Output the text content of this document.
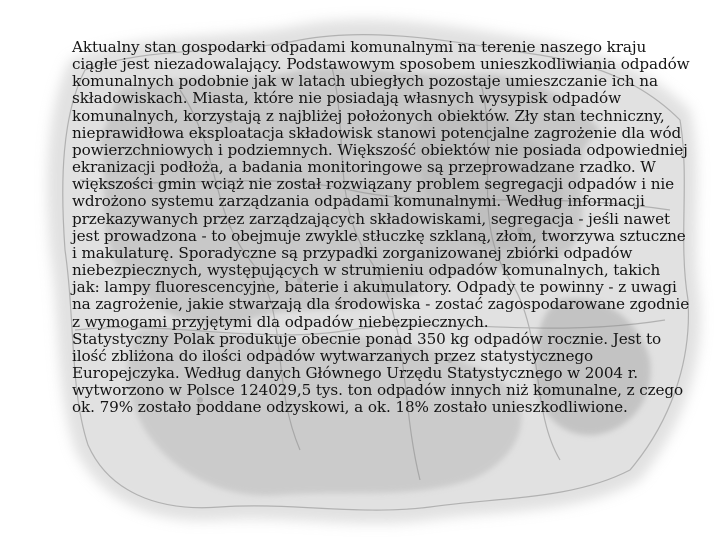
Aktualny stan gospodarki odpadami komunalnymi na terenie naszego kraju ciągle jest niezadowalający. Podstawowym sposobem unieszkodliwiania odpadów komunalnych podobnie jak w latach ubiegłych pozostaje umieszczanie ich na składowiskach. Miasta, które nie posiadają własnych wysypisk odpadów komunalnych, korzystają z najbliżej położonych obiektów. Zły stan techniczny, nieprawidłowa eksploatacja składowisk stanowi potencjalne zagrożenie dla wód powierzchniowych i podziemnych. Większość obiektów nie posiada odpowiedniej ekranizacji podłoża, a badania monitoringowe są przeprowadzane rzadko. W większości gmin wciąż nie został rozwiązany problem segregacji odpadów i nie wdrożono systemu zarządzania odpadami komunalnymi. Według informacji przekazywanych przez zarządzających składowiskami, segregacja - jeśli nawet jest prowadzona - to obejmuje zwykle stłuczkę szklaną, złom, tworzywa sztuczne i makulaturę. Sporadyczne są przypadki zorganizowanej zbiórki odpadów niebezpiecznych, występujących w strumieniu odpadów komunalnych, takich jak: lampy fluorescencyjne, baterie i akumulatory. Odpady te powinny - z uwagi na zagrożenie, jakie stwarzają dla środowiska - zostać zagospodarowane zgodnie z wymogami przyjętymi dla odpadów niebezpiecznych.

Statystyczny Polak produkuje obecnie ponad 350 kg odpadów rocznie. Jest to ilość zbliżona do ilości odpadów wytwarzanych przez statystycznego Europejczyka. Według danych Głównego Urzędu Statystycznego w 2004 r. wytworzono w Polsce 124029,5 tys. ton odpadów innych niż komunalne, z czego ok. 79% zostało poddane odzyskowi, a ok. 18% zostało unieszkodliwione.
